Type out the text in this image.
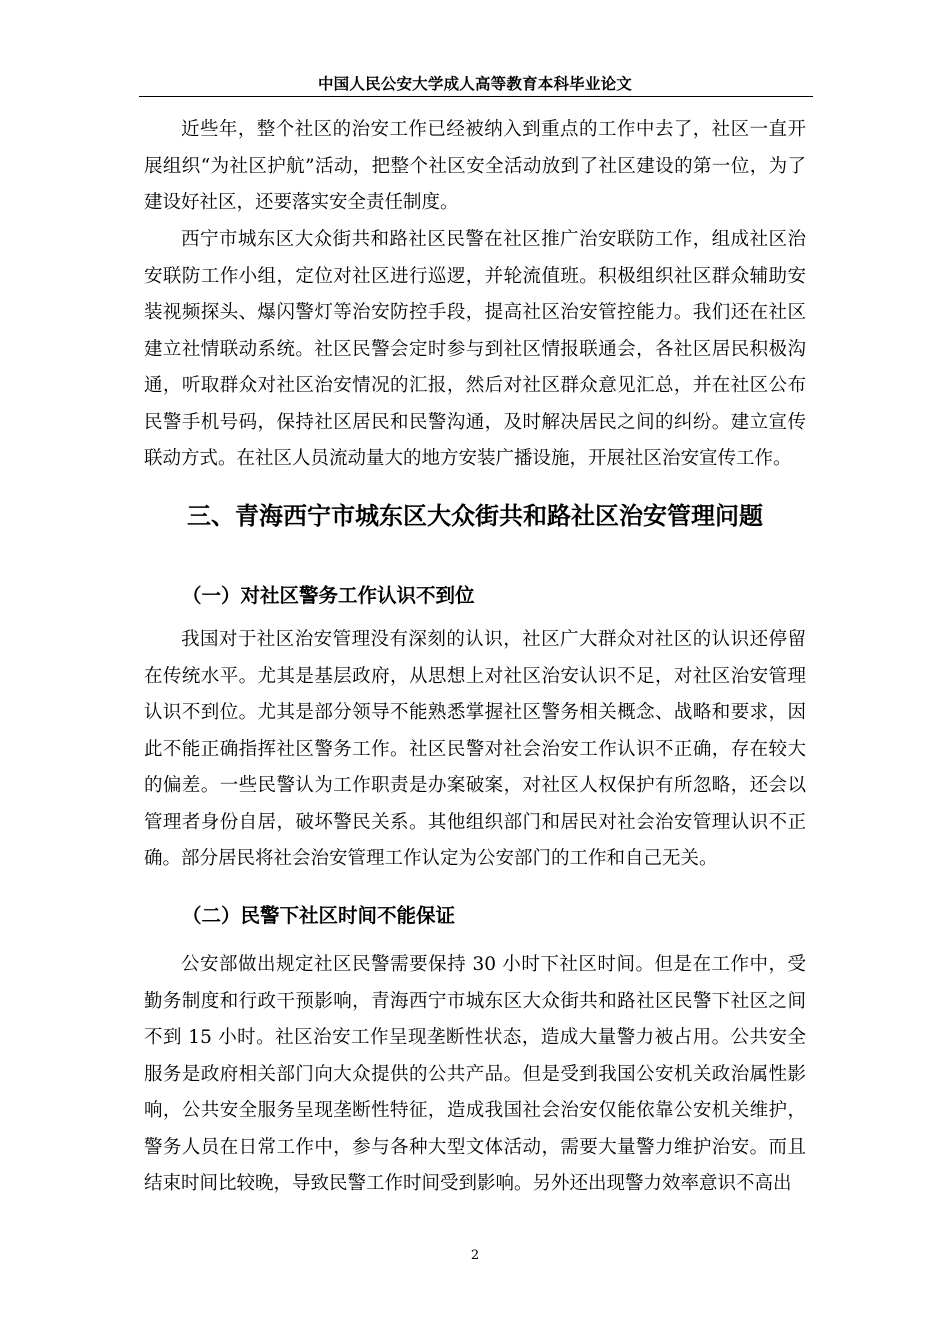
中国人民公安大学成人高等教育本科毕业论文

近些年，整个社区的治安工作已经被纳入到重点的工作中去了，社区一直开展组织“为社区护航”活动，把整个社区安全活动放到了社区建设的第一位，为了建设好社区，还要落实安全责任制度。

西宁市城东区大众街共和路社区民警在社区推广治安联防工作，组成社区治安联防工作小组，定位对社区进行巡逻，并轮流值班。积极组织社区群众辅助安装视频探头、爆闪警灯等治安防控手段，提高社区治安管控能力。我们还在社区建立社情联动系统。社区民警会定时参与到社区情报联通会，各社区居民积极沟通，听取群众对社区治安情况的汇报，然后对社区群众意见汇总，并在社区公布民警手机号码，保持社区居民和民警沟通，及时解决居民之间的纠纷。建立宣传联动方式。在社区人员流动量大的地方安装广播设施，开展社区治安宣传工作。

三、青海西宁市城东区大众街共和路社区治安管理问题
（一）对社区警务工作认识不到位

我国对于社区治安管理没有深刻的认识，社区广大群众对社区的认识还停留在传统水平。尤其是基层政府，从思想上对社区治安认识不足，对社区治安管理认识不到位。尤其是部分领导不能熟悉掌握社区警务相关概念、战略和要求，因此不能正确指挥社区警务工作。社区民警对社会治安工作认识不正确，存在较大的偏差。一些民警认为工作职责是办案破案，对社区人权保护有所忽略，还会以管理者身份自居，破坏警民关系。其他组织部门和居民对社会治安管理认识不正确。部分居民将社会治安管理工作认定为公安部门的工作和自己无关。

（二）民警下社区时间不能保证

公安部做出规定社区民警需要保持 30 小时下社区时间。但是在工作中，受勤务制度和行政干预影响，青海西宁市城东区大众街共和路社区民警下社区之间不到 15 小时。社区治安工作呈现垄断性状态，造成大量警力被占用。公共安全服务是政府相关部门向大众提供的公共产品。但是受到我国公安机关政治属性影响，公共安全服务呈现垄断性特征，造成我国社会治安仅能依靠公安机关维护，警务人员在日常工作中，参与各种大型文体活动，需要大量警力维护治安。而且结束时间比较晚，导致民警工作时间受到影响。另外还出现警力效率意识不高出

2
